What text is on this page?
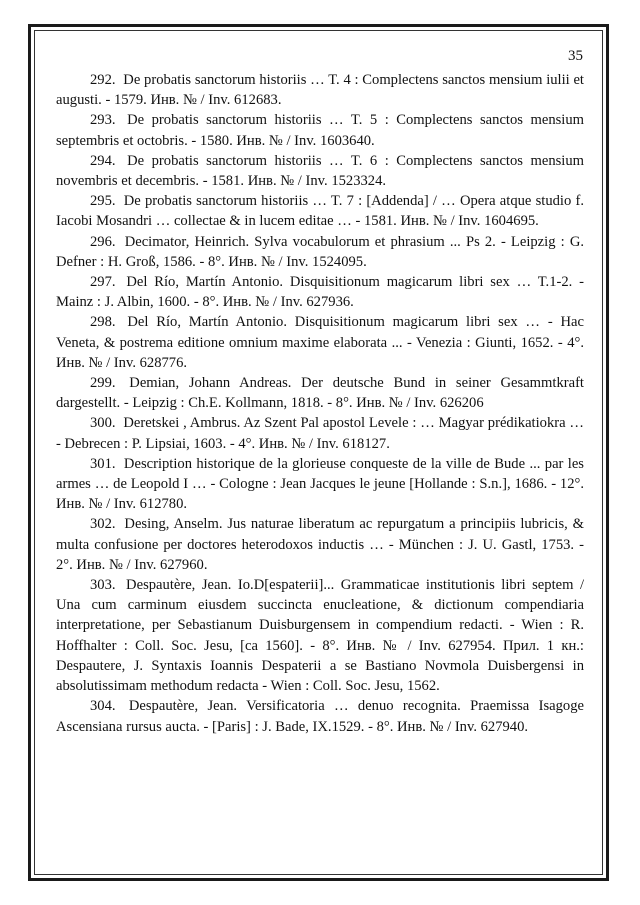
35

292. De probatis sanctorum historiis … T. 4 : Complectens sanctos mensium iulii et augusti. - 1579. Инв. № / Inv. 612683.

293. De probatis sanctorum historiis … T. 5 : Complectens sanctos mensium septembris et octobris. - 1580. Инв. № / Inv. 1603640.

294. De probatis sanctorum historiis … T. 6 : Complectens sanctos mensium novembris et decembris. - 1581. Инв. № / Inv. 1523324.

295. De probatis sanctorum historiis … T. 7 : [Addenda] / … Opera atque studio f. Iacobi Mosandri … collectae & in lucem editae … - 1581. Инв. № / Inv. 1604695.

296. Decimator, Heinrich. Sylva vocabulorum et phrasium ... Ps 2. - Leipzig : G. Defner : H. Groß, 1586. - 8°. Инв. № / Inv. 1524095.

297. Del Río, Martín Antonio. Disquisitionum magicarum libri sex … T.1-2. - Mainz : J. Albin, 1600. - 8°. Инв. № / Inv. 627936.

298. Del Río, Martín Antonio. Disquisitionum magicarum libri sex … - Hac Veneta, & postrema editione omnium maxime elaborata ... - Venezia : Giunti, 1652. - 4°. Инв. № / Inv. 628776.

299. Demian, Johann Andreas. Der deutsche Bund in seiner Gesammtkraft dargestellt. - Leipzig : Ch.E. Kollmann, 1818. - 8°. Инв. № / Inv. 626206

300. Deretskei , Ambrus. Az Szent Pal apostol Levele : … Magyar prédikatiokra … - Debrecen : P. Lipsiai, 1603. - 4°. Инв. № / Inv. 618127.

301. Description historique de la glorieuse conqueste de la ville de Bude ... par les armes … de Leopold I … - Cologne : Jean Jacques le jeune [Hollande : S.n.], 1686. - 12°. Инв. № / Inv. 612780.

302. Desing, Anselm. Jus naturae liberatum ac repurgatum a principiis lubricis, & multa confusione per doctores heterodoxos inductis … - München : J. U. Gastl, 1753. - 2°. Инв. № / Inv. 627960.

303. Despautère, Jean. Io.D[espaterii]... Grammaticae institutionis libri septem / Una cum carminum eiusdem succincta enucleatione, & dictionum compendiaria interpretatione, per Sebastianum Duisburgensem in compendium redacti. - Wien : R. Hoffhalter : Coll. Soc. Jesu, [ca 1560]. - 8°. Инв. № / Inv. 627954. Прил. 1 кн.: Despautere, J. Syntaxis Ioannis Despaterii a se Bastiano Novmola Duisbergensi in absolutissimam methodum redacta - Wien : Coll. Soc. Jesu, 1562.

304. Despautère, Jean. Versificatoria … denuo recognita. Praemissa Isagoge Ascensiana rursus aucta. - [Paris] : J. Bade, IX.1529. - 8°. Инв. № / Inv. 627940.
